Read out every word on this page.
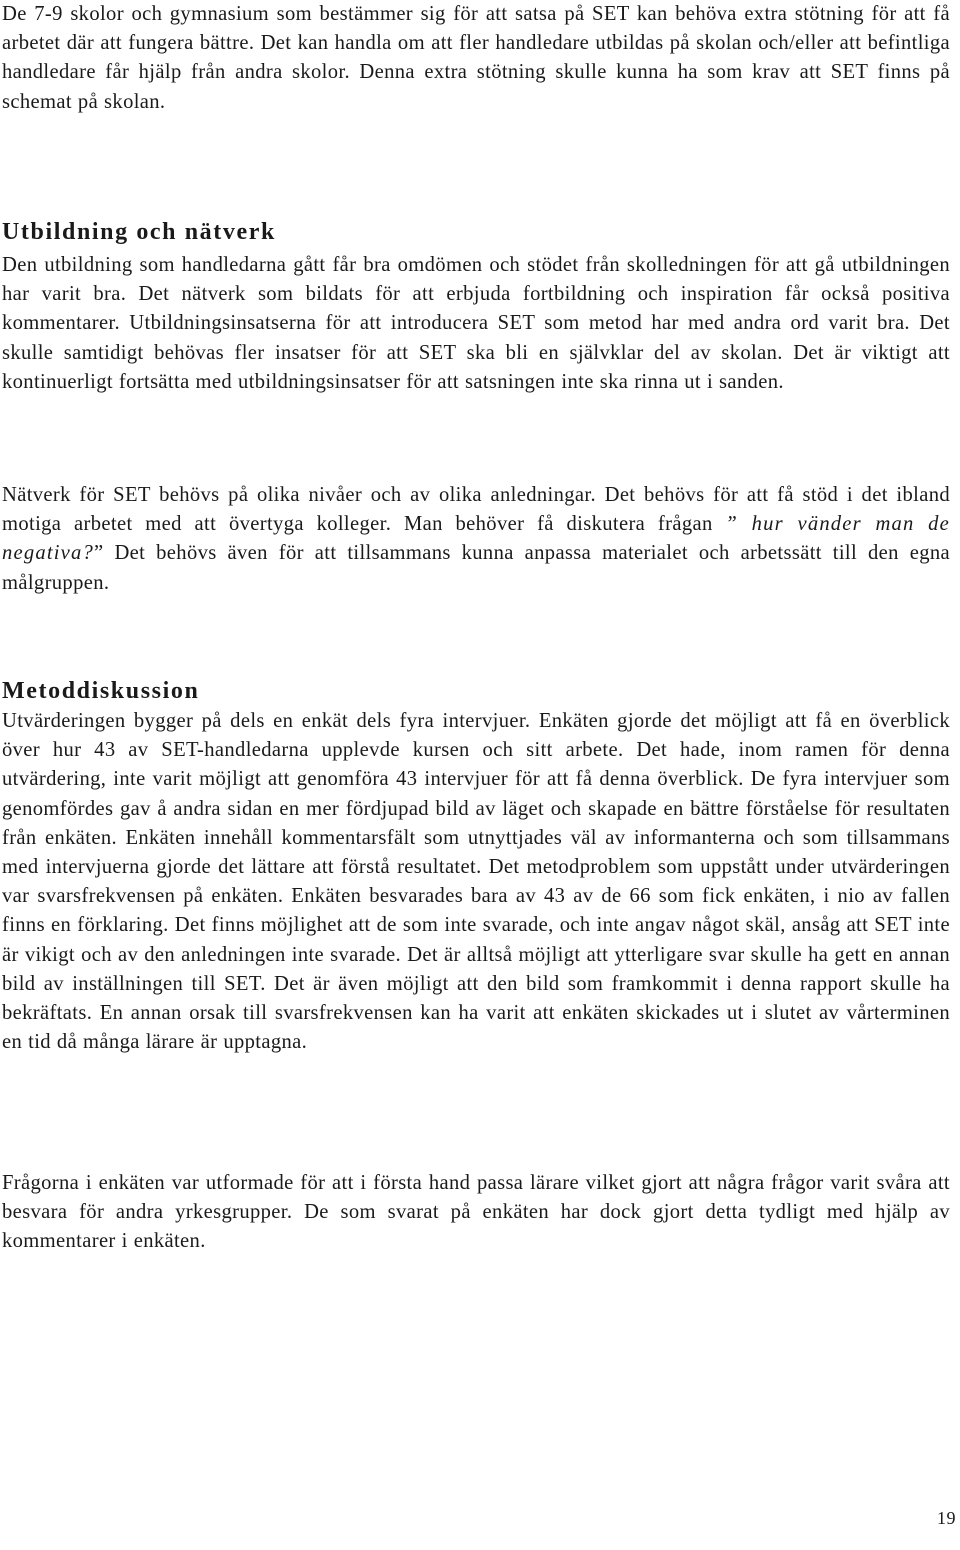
De 7-9 skolor och gymnasium som bestämmer sig för att satsa på SET kan behöva extra stötning för att få arbetet där att fungera bättre. Det kan handla om att fler handledare utbildas på skolan och/eller att befintliga handledare får hjälp från andra skolor. Denna extra stötning skulle kunna ha som krav att SET finns på schemat på skolan.

Utbildning och nätverk

Den utbildning som handledarna gått får bra omdömen och stödet från skolledningen för att gå utbildningen har varit bra. Det nätverk som bildats för att erbjuda fortbildning och inspiration får också positiva kommentarer. Utbildningsinsatserna för att introducera SET som metod har med andra ord varit bra. Det skulle samtidigt behövas fler insatser för att SET ska bli en självklar del av skolan. Det är viktigt att kontinuerligt fortsätta med utbildningsinsatser för att satsningen inte ska rinna ut i sanden.

Nätverk för SET behövs på olika nivåer och av olika anledningar. Det behövs för att få stöd i det ibland motiga arbetet med att övertyga kolleger. Man behöver få diskutera frågan ” hur vänder man de negativa?” Det behövs även för att tillsammans kunna anpassa materialet och arbetssätt till den egna målgruppen.

Metoddiskussion

Utvärderingen bygger på dels en enkät dels fyra intervjuer. Enkäten gjorde det möjligt att få en överblick över hur 43 av SET-handledarna upplevde kursen och sitt arbete. Det hade, inom ramen för denna utvärdering, inte varit möjligt att genomföra 43 intervjuer för att få denna överblick. De fyra intervjuer som genomfördes gav å andra sidan en mer fördjupad bild av läget och skapade en bättre förståelse för resultaten från enkäten. Enkäten innehåll kommentarsfält som utnyttjades väl av informanterna och som tillsammans med intervjuerna gjorde det lättare att förstå resultatet. Det metodproblem som uppstått under utvärderingen var svarsfrekvensen på enkäten. Enkäten besvarades bara av 43 av de 66 som fick enkäten, i nio av fallen finns en förklaring. Det finns möjlighet att de som inte svarade, och inte angav något skäl, ansåg att SET inte är vikigt och av den anledningen inte svarade. Det är alltså möjligt att ytterligare svar skulle ha gett en annan bild av inställningen till SET. Det är även möjligt att den bild som framkommit i denna rapport skulle ha bekräftats. En annan orsak till svarsfrekvensen kan ha varit att enkäten skickades ut i slutet av vårterminen en tid då många lärare är upptagna.

Frågorna i enkäten var utformade för att i första hand passa lärare vilket gjort att några frågor varit svåra att besvara för andra yrkesgrupper. De som svarat på enkäten har dock gjort detta tydligt med hjälp av kommentarer i enkäten.

19
